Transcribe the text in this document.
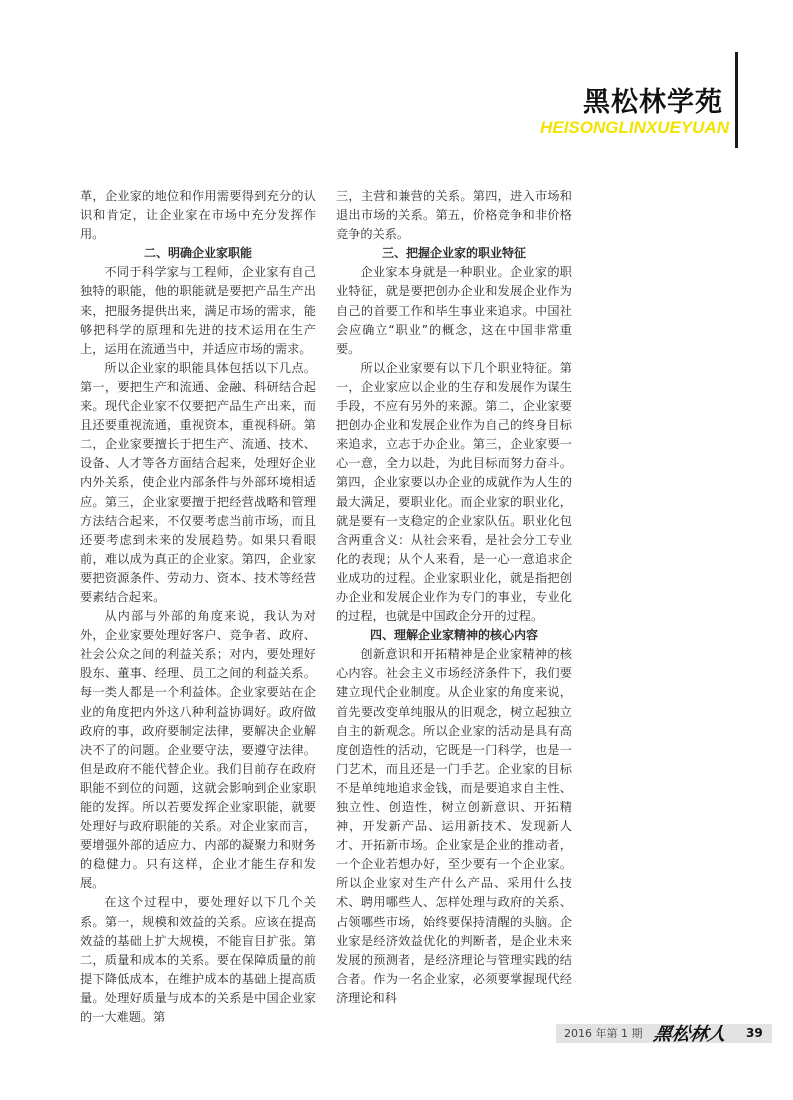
黑松林学苑
HEISONGLINXUEYUAN

革，企业家的地位和作用需要得到充分的认识和肯定，让企业家在市场中充分发挥作用。

二、明确企业家职能

不同于科学家与工程师，企业家有自己独特的职能，他的职能就是要把产品生产出来，把服务提供出来，满足市场的需求，能够把科学的原理和先进的技术运用在生产上，运用在流通当中，并适应市场的需求。

所以企业家的职能具体包括以下几点。第一，要把生产和流通、金融、科研结合起来。现代企业家不仅要把产品生产出来，而且还要重视流通，重视资本，重视科研。第二，企业家要擅长于把生产、流通、技术、设备、人才等各方面结合起来，处理好企业内外关系，使企业内部条件与外部环境相适应。第三，企业家要擅于把经营战略和管理方法结合起来，不仅要考虑当前市场，而且还要考虑到未来的发展趋势。如果只看眼前，难以成为真正的企业家。第四，企业家要把资源条件、劳动力、资本、技术等经营要素结合起来。

从内部与外部的角度来说，我认为对外，企业家要处理好客户、竞争者、政府、社会公众之间的利益关系；对内，要处理好股东、董事、经理、员工之间的利益关系。每一类人都是一个利益体。企业家要站在企业的角度把内外这八种利益协调好。政府做政府的事，政府要制定法律，要解决企业解决不了的问题。企业要守法，要遵守法律。但是政府不能代替企业。我们目前存在政府职能不到位的问题，这就会影响到企业家职能的发挥。所以若要发挥企业家职能，就要处理好与政府职能的关系。对企业家而言，要增强外部的适应力、内部的凝聚力和财务的稳健力。只有这样，企业才能生存和发展。

在这个过程中，要处理好以下几个关系。第一，规模和效益的关系。应该在提高效益的基础上扩大规模，不能盲目扩张。第二，质量和成本的关系。要在保障质量的前提下降低成本，在维护成本的基础上提高质量。处理好质量与成本的关系是中国企业家的一大难题。第

三，主营和兼营的关系。第四，进入市场和退出市场的关系。第五，价格竞争和非价格竞争的关系。

三、把握企业家的职业特征

企业家本身就是一种职业。企业家的职业特征，就是要把创办企业和发展企业作为自己的首要工作和毕生事业来追求。中国社会应确立“职业”的概念，这在中国非常重要。

所以企业家要有以下几个职业特征。第一，企业家应以企业的生存和发展作为谋生手段，不应有另外的来源。第二，企业家要把创办企业和发展企业作为自己的终身目标来追求，立志于办企业。第三，企业家要一心一意，全力以赴，为此目标而努力奋斗。第四，企业家要以办企业的成就作为人生的最大满足，要职业化。而企业家的职业化，就是要有一支稳定的企业家队伍。职业化包含两重含义：从社会来看，是社会分工专业化的表现；从个人来看，是一心一意追求企业成功的过程。企业家职业化，就是指把创办企业和发展企业作为专门的事业，专业化的过程，也就是中国政企分开的过程。

四、理解企业家精神的核心内容

创新意识和开拓精神是企业家精神的核心内容。社会主义市场经济条件下，我们要建立现代企业制度。从企业家的角度来说，首先要改变单纯服从的旧观念，树立起独立自主的新观念。所以企业家的活动是具有高度创造性的活动，它既是一门科学，也是一门艺术，而且还是一门手艺。企业家的目标不是单纯地追求金钱，而是要追求自主性、独立性、创造性，树立创新意识、开拓精神，开发新产品、运用新技术、发现新人才、开拓新市场。企业家是企业的推动者，一个企业若想办好，至少要有一个企业家。所以企业家对生产什么产品、采用什么技术、聘用哪些人、怎样处理与政府的关系、占领哪些市场，始终要保持清醒的头脑。企业家是经济效益优化的判断者，是企业未来发展的预测者，是经济理论与管理实践的结合者。作为一名企业家，必须要掌握现代经济理论和科

2016 年第 1 期 黑松林人 39
